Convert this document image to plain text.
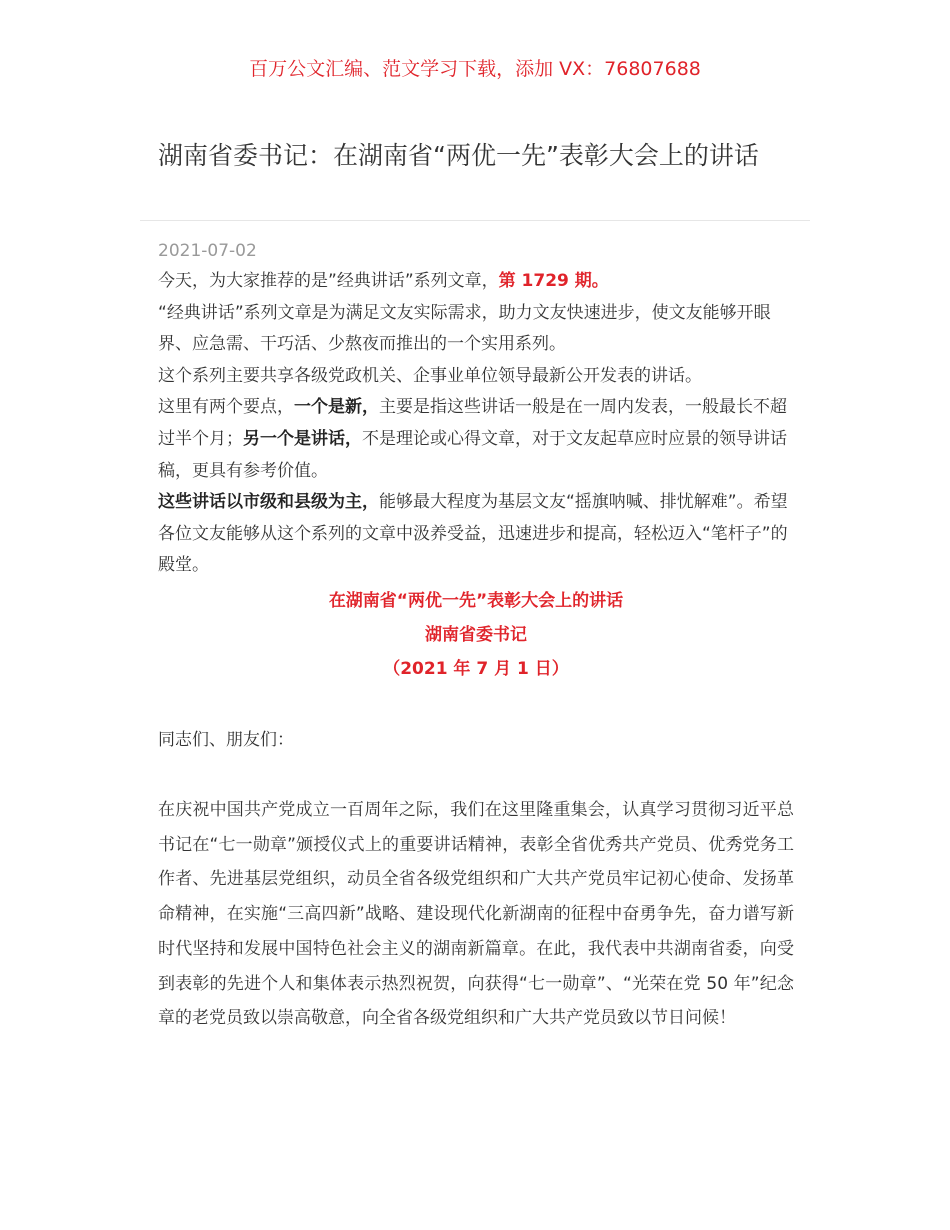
百万公文汇编、范文学习下载，添加 VX：76807688
湖南省委书记：在湖南省“两优一先”表彰大会上的讲话
2021-07-02

今天，为大家推荐的是”经典讲话”系列文章，第 1729 期。

“经典讲话”系列文章是为满足文友实际需求，助力文友快速进步，使文友能够开眼界、应急需、干巧活、少熬夜而推出的一个实用系列。

这个系列主要共享各级党政机关、企事业单位领导最新公开发表的讲话。

这里有两个要点，一个是新，主要是指这些讲话一般是在一周内发表，一般最长不超过半个月；另一个是讲话，不是理论或心得文章，对于文友起草应时应景的领导讲话稿，更具有参考价值。

这些讲话以市级和县级为主，能够最大程度为基层文友“摇旗呐喊、排忧解难”。希望各位文友能够从这个系列的文章中汲养受益，迅速进步和提高，轻松迈入“笔杆子”的殿堂。

在湖南省“两优一先”表彰大会上的讲话
湖南省委书记
（2021 年 7 月 1 日）
同志们、朋友们：
在庆祝中国共产党成立一百周年之际，我们在这里隆重集会，认真学习贯彻习近平总书记在“七一勋章”颁授仪式上的重要讲话精神，表彰全省优秀共产党员、优秀党务工作者、先进基层党组织，动员全省各级党组织和广大共产党员牢记初心使命、发扬革命精神，在实施“三高四新”战略、建设现代化新湖南的征程中奋勇争先，奋力谱写新时代坚持和发展中国特色社会主义的湖南新篇章。在此，我代表中共湖南省委，向受到表彰的先进个人和集体表示热烈祝贺，向获得“七一勋章”、“光荣在党 50 年”纪念章的老党员致以崇高敬意，向全省各级党组织和广大共产党员致以节日问候！
